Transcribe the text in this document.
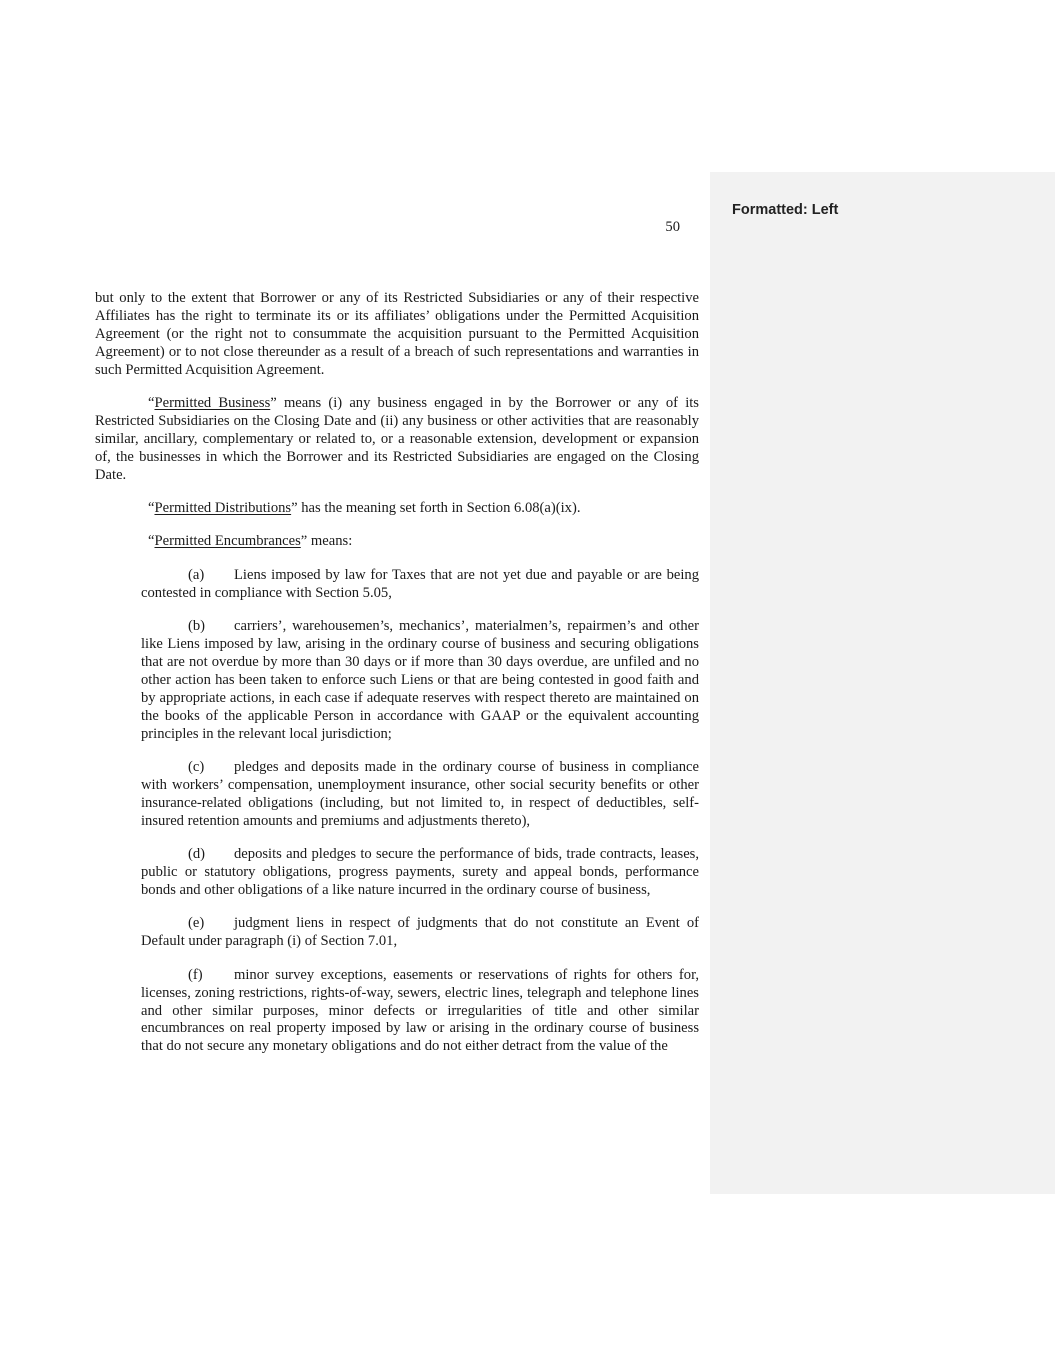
Formatted: Left
50

but only to the extent that Borrower or any of its Restricted Subsidiaries or any of their respective Affiliates has the right to terminate its or its affiliates’ obligations under the Permitted Acquisition Agreement (or the right not to consummate the acquisition pursuant to the Permitted Acquisition Agreement) or to not close thereunder as a result of a breach of such representations and warranties in such Permitted Acquisition Agreement.

“Permitted Business” means (i) any business engaged in by the Borrower or any of its Restricted Subsidiaries on the Closing Date and (ii) any business or other activities that are reasonably similar, ancillary, complementary or related to, or a reasonable extension, development or expansion of, the businesses in which the Borrower and its Restricted Subsidiaries are engaged on the Closing Date.

“Permitted Distributions” has the meaning set forth in Section 6.08(a)(ix).

“Permitted Encumbrances” means:

(a) Liens imposed by law for Taxes that are not yet due and payable or are being contested in compliance with Section 5.05,

(b) carriers’, warehousemen’s, mechanics’, materialmen’s, repairmen’s and other like Liens imposed by law, arising in the ordinary course of business and securing obligations that are not overdue by more than 30 days or if more than 30 days overdue, are unfiled and no other action has been taken to enforce such Liens or that are being contested in good faith and by appropriate actions, in each case if adequate reserves with respect thereto are maintained on the books of the applicable Person in accordance with GAAP or the equivalent accounting principles in the relevant local jurisdiction;

(c) pledges and deposits made in the ordinary course of business in compliance with workers’ compensation, unemployment insurance, other social security benefits or other insurance-related obligations (including, but not limited to, in respect of deductibles, self-insured retention amounts and premiums and adjustments thereto),

(d) deposits and pledges to secure the performance of bids, trade contracts, leases, public or statutory obligations, progress payments, surety and appeal bonds, performance bonds and other obligations of a like nature incurred in the ordinary course of business,

(e) judgment liens in respect of judgments that do not constitute an Event of Default under paragraph (i) of Section 7.01,

(f) minor survey exceptions, easements or reservations of rights for others for, licenses, zoning restrictions, rights-of-way, sewers, electric lines, telegraph and telephone lines and other similar purposes, minor defects or irregularities of title and other similar encumbrances on real property imposed by law or arising in the ordinary course of business that do not secure any monetary obligations and do not either detract from the value of the
